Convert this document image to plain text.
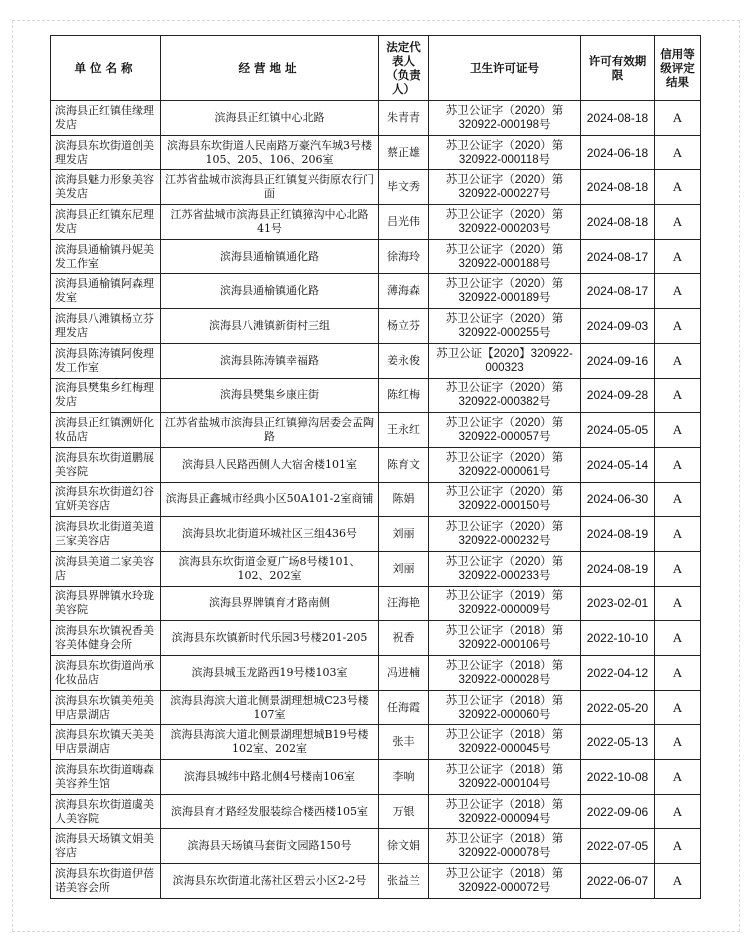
单位名称	经营地址	法定代表人（负责人）	卫生许可证号	许可有效期限	信用等级评定结果
滨海县正红镇佳缘理发店	滨海县正红镇中心北路	朱青青	苏卫公证字（2020）第320922-000198号	2024-08-18	A
滨海县东坎街道创美理发店	滨海县东坎街道人民南路万豪汽车城3号楼105、205、106、206室	蔡正雄	苏卫公证字（2020）第320922-000118号	2024-06-18	A
滨海县魅力形象美容美发店	江苏省盐城市滨海县正红镇复兴街原农行门面	毕文秀	苏卫公证字（2020）第320922-000227号	2024-08-18	A
滨海县正红镇东尼理发店	江苏省盐城市滨海县正红镇獐沟中心北路41号	吕光伟	苏卫公证字（2020）第320922-000203号	2024-08-18	A
滨海县通榆镇丹妮美发工作室	滨海县通榆镇通化路	徐海玲	苏卫公证字（2020）第320922-000188号	2024-08-17	A
滨海县通榆镇阿森理发室	滨海县通榆镇通化路	薄海森	苏卫公证字（2020）第320922-000189号	2024-08-17	A
滨海县八滩镇杨立芬理发店	滨海县八滩镇新街村三组	杨立芬	苏卫公证字（2020）第320922-000255号	2024-09-03	A
滨海县陈涛镇阿俊理发工作室	滨海县陈涛镇幸福路	姜永俊	苏卫公证【2020】320922-000323	2024-09-16	A
滨海县樊集乡红梅理发店	滨海县樊集乡康庄街	陈红梅	苏卫公证字（2020）第320922-000382号	2024-09-28	A
滨海县正红镇溯妍化妆品店	江苏省盐城市滨海县正红镇獐沟居委会孟陶路	王永红	苏卫公证字（2020）第320922-000057号	2024-05-05	A
滨海县东坎街道鹏展美容院	滨海县人民路西侧人大宿舍楼101室	陈育文	苏卫公证字（2020）第320922-000061号	2024-05-14	A
滨海县东坎街道幻谷宜妍美容店	滨海县正鑫城市经典小区50A101-2室商铺	陈娟	苏卫公证字（2020）第320922-000150号	2024-06-30	A
滨海县坎北街道美道三家美容店	滨海县坎北街道环城社区三组436号	刘丽	苏卫公证字（2020）第320922-000232号	2024-08-19	A
滨海县美道二家美容店	滨海县东坎街道金夏广场8号楼101、102、202室	刘丽	苏卫公证字（2020）第320922-000233号	2024-08-19	A
滨海县界牌镇水玲珑美容院	滨海县界牌镇育才路南侧	汪海艳	苏卫公证字（2019）第320922-000009号	2023-02-01	A
滨海县东坎镇祝香美容美体健身会所	滨海县东坎镇新时代乐园3号楼201-205	祝香	苏卫公证字（2018）第320922-000106号	2022-10-10	A
滨海县东坎街道尚承化妆品店	滨海县城玉龙路西19号楼103室	冯进楠	苏卫公证字（2018）第320922-000028号	2022-04-12	A
滨海县东坎镇美苑美甲店景湖店	滨海县海滨大道北侧景湖理想城C23号楼107室	任海霞	苏卫公证字（2018）第320922-000060号	2022-05-20	A
滨海县东坎镇天美美甲店景湖店	滨海县海滨大道北侧景湖理想城B19号楼102室、202室	张丰	苏卫公证字（2018）第320922-000045号	2022-05-13	A
滨海县东坎街道嗨森美容养生馆	滨海县城纬中路北侧4号楼南106室	李响	苏卫公证字（2018）第320922-000104号	2022-10-08	A
滨海县东坎街道虞美人美容院	滨海县育才路经发服装综合楼西楼105室	万银	苏卫公证字（2018）第320922-000094号	2022-09-06	A
滨海县天场镇文娟美容店	滨海县天场镇马套街文园路150号	徐文娟	苏卫公证字（2018）第320922-000078号	2022-07-05	A
滨海县东坎街道伊蓓诺美容会所	滨海县东坎街道北荡社区碧云小区2-2号	张益兰	苏卫公证字（2018）第320922-000072号	2022-06-07	A
